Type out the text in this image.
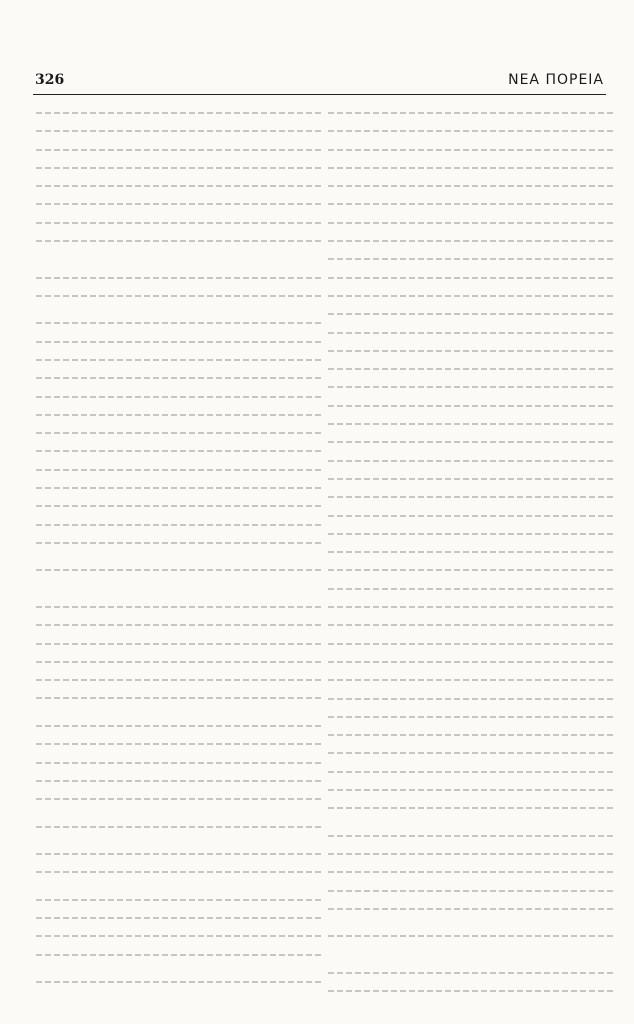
326	ΝΕΑ ΠΟΡΕΙΑ
